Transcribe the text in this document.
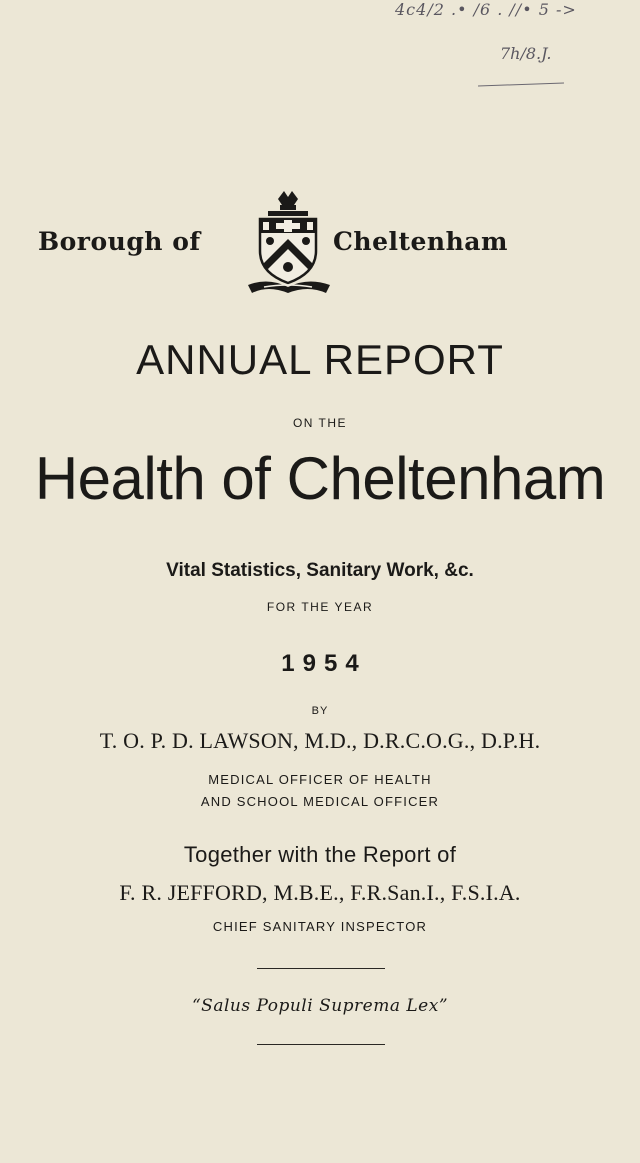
4c4/2 .• /6 . //• 5 ->
7h/8.J.
Borough of	Cheltenham
ANNUAL REPORT
ON THE
Health of Cheltenham
Vital Statistics, Sanitary Work, &c.
FOR THE YEAR
1954
BY
T. O. P. D. LAWSON, M.D., D.R.C.O.G., D.P.H.
MEDICAL OFFICER OF HEALTH
AND SCHOOL MEDICAL OFFICER
Together with the Report of
F. R. JEFFORD, M.B.E., F.R.San.I., F.S.I.A.
CHIEF SANITARY INSPECTOR
“Salus Populi Suprema Lex”
